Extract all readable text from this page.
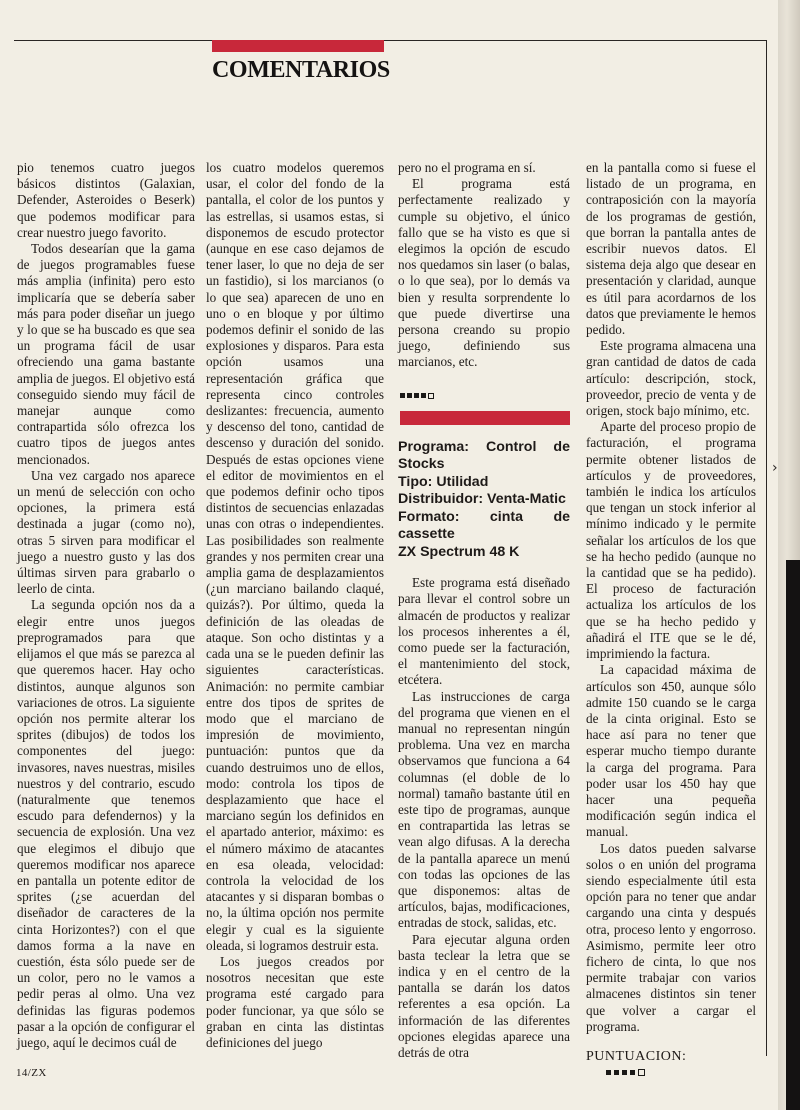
COMENTARIOS

pio tenemos cuatro juegos básicos distintos (Galaxian, Defender, Asteroides o Beserk) que podemos modificar para crear nuestro juego favorito.

Todos desearían que la gama de juegos programables fuese más amplia (infinita) pero esto implicaría que se debería saber más para poder diseñar un juego y lo que se ha buscado es que sea un programa fácil de usar ofreciendo una gama bastante amplia de juegos. El objetivo está conseguido siendo muy fácil de manejar aunque como contrapartida sólo ofrezca los cuatro tipos de juegos antes mencionados.

Una vez cargado nos aparece un menú de selección con ocho opciones, la primera está destinada a jugar (como no), otras 5 sirven para modificar el juego a nuestro gusto y las dos últimas sirven para grabarlo o leerlo de cinta.

La segunda opción nos da a elegir entre unos juegos preprogramados para que elijamos el que más se parezca al que queremos hacer. Hay ocho distintos, aunque algunos son variaciones de otros. La siguiente opción nos permite alterar los sprites (dibujos) de todos los componentes del juego: invasores, naves nuestras, misiles nuestros y del contrario, escudo (naturalmente que tenemos escudo para defendernos) y la secuencia de explosión. Una vez que elegimos el dibujo que queremos modificar nos aparece en pantalla un potente editor de sprites (¿se acuerdan del diseñador de caracteres de la cinta Horizontes?) con el que damos forma a la nave en cuestión, ésta sólo puede ser de un color, pero no le vamos a pedir peras al olmo. Una vez definidas las figuras podemos pasar a la opción de configurar el juego, aquí le decimos cuál de

los cuatro modelos queremos usar, el color del fondo de la pantalla, el color de los puntos y las estrellas, si usamos estas, si disponemos de escudo protector (aunque en ese caso dejamos de tener laser, lo que no deja de ser un fastidio), si los marcianos (o lo que sea) aparecen de uno en uno o en bloque y por último podemos definir el sonido de las explosiones y disparos. Para esta opción usamos una representación gráfica que representa cinco controles deslizantes: frecuencia, aumento y descenso del tono, cantidad de descenso y duración del sonido. Después de estas opciones viene el editor de movimientos en el que podemos definir ocho tipos distintos de secuencias enlazadas unas con otras o independientes. Las posibilidades son realmente grandes y nos permiten crear una amplia gama de desplazamientos (¿un marciano bailando claqué, quizás?). Por último, queda la definición de las oleadas de ataque. Son ocho distintas y a cada una se le pueden definir las siguientes características. Animación: no permite cambiar entre dos tipos de sprites de modo que el marciano de impresión de movimiento, puntuación: puntos que da cuando destruimos uno de ellos, modo: controla los tipos de desplazamiento que hace el marciano según los definidos en el apartado anterior, máximo: es el número máximo de atacantes en esa oleada, velocidad: controla la velocidad de los atacantes y si disparan bombas o no, la última opción nos permite elegir y cual es la siguiente oleada, si logramos destruir esta.

Los juegos creados por nosotros necesitan que este programa esté cargado para poder funcionar, ya que sólo se graban en cinta las distintas definiciones del juego

pero no el programa en sí.

El programa está perfectamente realizado y cumple su objetivo, el único fallo que se ha visto es que si elegimos la opción de escudo nos quedamos sin laser (o balas, o lo que sea), por lo demás va bien y resulta sorprendente lo que puede divertirse una persona creando su propio juego, definiendo sus marcianos, etc.

Programa: Control de Stocks
Tipo: Utilidad
Distribuidor: Venta-Matic
Formato: cinta de cassette
ZX Spectrum 48 K

Este programa está diseñado para llevar el control sobre un almacén de productos y realizar los procesos inherentes a él, como puede ser la facturación, el mantenimiento del stock, etcétera.

Las instrucciones de carga del programa que vienen en el manual no representan ningún problema. Una vez en marcha observamos que funciona a 64 columnas (el doble de lo normal) tamaño bastante útil en este tipo de programas, aunque en contrapartida las letras se vean algo difusas. A la derecha de la pantalla aparece un menú con todas las opciones de las que disponemos: altas de artículos, bajas, modificaciones, entradas de stock, salidas, etc.

Para ejecutar alguna orden basta teclear la letra que se indica y en el centro de la pantalla se darán los datos referentes a esa opción. La información de las diferentes opciones elegidas aparece una detrás de otra

en la pantalla como si fuese el listado de un programa, en contraposición con la mayoría de los programas de gestión, que borran la pantalla antes de escribir nuevos datos. El sistema deja algo que desear en presentación y claridad, aunque es útil para acordarnos de los datos que previamente le hemos pedido.

Este programa almacena una gran cantidad de datos de cada artículo: descripción, stock, proveedor, precio de venta y de origen, stock bajo mínimo, etc.

Aparte del proceso propio de facturación, el programa permite obtener listados de artículos y de proveedores, también le indica los artículos que tengan un stock inferior al mínimo indicado y le permite señalar los artículos de los que se ha hecho pedido (aunque no la cantidad que se ha pedido). El proceso de facturación actualiza los artículos de los que se ha hecho pedido y añadirá el ITE que se le dé, imprimiendo la factura.

La capacidad máxima de artículos son 450, aunque sólo admite 150 cuando se le carga de la cinta original. Esto se hace así para no tener que esperar mucho tiempo durante la carga del programa. Para poder usar los 450 hay que hacer una pequeña modificación según indica el manual.

Los datos pueden salvarse solos o en unión del programa siendo especialmente útil esta opción para no tener que andar cargando una cinta y después otra, proceso lento y engorroso. Asimismo, permite leer otro fichero de cinta, lo que nos permite trabajar con varios almacenes distintos sin tener que volver a cargar el programa.

PUNTUACION:
14/ZX
›
